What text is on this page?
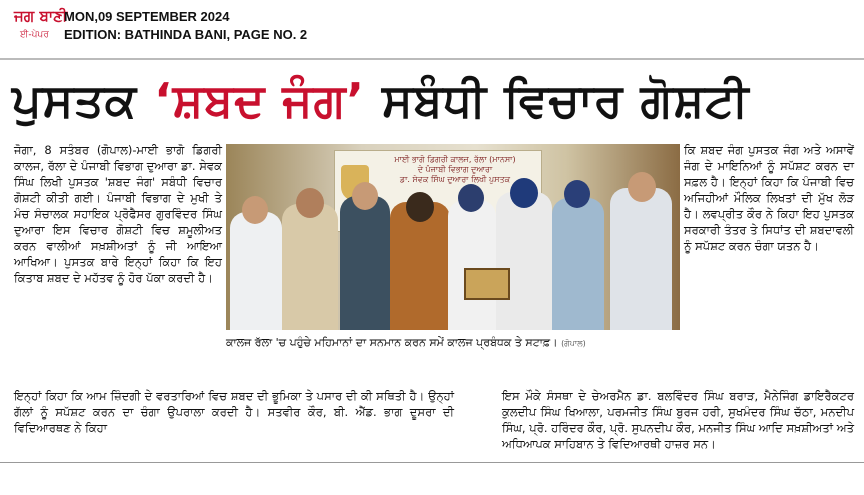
ਜਗ ਬਾਣੀ
ਈ-ਪੇਪਰ
MON,09 SEPTEMBER 2024
EDITION: BATHINDA BANI, PAGE NO. 2
ਪੁਸਤਕ ‘ਸ਼ਬਦ ਜੰਗ’ ਸਬੰਧੀ ਵਿਚਾਰ ਗੋਸ਼ਟੀ
ਜੋਗਾ, 8 ਸਤੰਬਰ (ਗੋਪਾਲ)-ਮਾਈ ਭਾਗੋ ਡਿਗਰੀ ਕਾਲਜ, ਰੱਲਾ ਦੇ ਪੰਜਾਬੀ ਵਿਭਾਗ ਦੁਆਰਾ ਡਾ. ਸੇਵਕ ਸਿੰਘ ਲਿਖੀ ਪੁਸਤਕ 'ਸ਼ਬਦ ਜੰਗ' ਸਬੰਧੀ ਵਿਚਾਰ ਗੋਸ਼ਟੀ ਕੀਤੀ ਗਈ। ਪੰਜਾਬੀ ਵਿਭਾਗ ਦੇ ਮੁਖੀ ਤੇ ਮੰਚ ਸੰਚਾਲਕ ਸਹਾਇਕ ਪ੍ਰੋਫੈਸਰ ਗੁਰਵਿੰਦਰ ਸਿੰਘ ਦੁਆਰਾ ਇਸ ਵਿਚਾਰ ਗੋਸ਼ਟੀ ਵਿਚ ਸ਼ਮੂਲੀਅਤ ਕਰਨ ਵਾਲੀਆਂ ਸਖ਼ਸ਼ੀਅਤਾਂ ਨੂੰ ਜੀ ਆਇਆ ਆਖਿਆ। ਪੁਸਤਕ ਬਾਰੇ ਇਨ੍ਹਾਂ ਕਿਹਾ ਕਿ ਇਹ ਕਿਤਾਬ ਸ਼ਬਦ ਦੇ ਮਹੱਤਵ ਨੂੰ ਹੋਰ ਪੱਕਾ ਕਰਦੀ ਹੈ।
ਮਾਈ ਭਾਗੋ ਡਿਗਰੀ ਕਾਲਜ, ਰੱਲਾ (ਮਾਨਸਾ)
ਦੇ ਪੰਜਾਬੀ ਵਿਭਾਗ ਦੁਆਰਾ
ਡਾ. ਸੇਵਕ ਸਿੰਘ ਦੁਆਰਾ ਲਿਖੀ ਪੁਸਤਕ
ਕਾਲਜ ਰੱਲਾ 'ਚ ਪਹੁੰਚੇ ਮਹਿਮਾਨਾਂ ਦਾ ਸਨਮਾਨ ਕਰਨ ਸਮੇਂ ਕਾਲਜ ਪ੍ਰਬੰਧਕ ਤੇ ਸਟਾਫ਼। (ਗੋਪਾਲ)
ਕਿ ਸ਼ਬਦ ਜੰਗ ਪੁਸਤਕ ਜੰਗ ਅਤੇ ਅਸਾਵੇਂ ਜੰਗ ਦੇ ਮਾਇਨਿਆਂ ਨੂੰ ਸਪੱਸ਼ਟ ਕਰਨ ਦਾ ਸਫ਼ਲ ਹੈ। ਇਨ੍ਹਾਂ ਕਿਹਾ ਕਿ ਪੰਜਾਬੀ ਵਿਚ ਅਜਿਹੀਆਂ ਮੌਲਿਕ ਲਿਖਤਾਂ ਦੀ ਮੁੱਖ ਲੋੜ ਹੈ। ਲਵਪ੍ਰੀਤ ਕੌਰ ਨੇ ਕਿਹਾ ਇਹ ਪੁਸਤਕ ਸਰਕਾਰੀ ਤੰਤਰ ਤੇ ਸਿਧਾਂਤ ਦੀ ਸ਼ਬਦਾਵਲੀ ਨੂੰ ਸਪੱਸ਼ਟ ਕਰਨ ਚੰਗਾ ਯਤਨ ਹੈ।
ਇਨ੍ਹਾਂ ਕਿਹਾ ਕਿ ਆਮ ਜ਼ਿੰਦਗੀ ਦੇ ਵਰਤਾਰਿਆਂ ਵਿਚ ਸ਼ਬਦ ਦੀ ਭੂਮਿਕਾ ਤੇ ਪਸਾਰ ਦੀ ਕੀ ਸਥਿਤੀ ਹੈ। ਉਨ੍ਹਾਂ ਗੱਲਾਂ ਨੂੰ ਸਪੱਸ਼ਟ ਕਰਨ ਦਾ ਚੰਗਾ ਉਪਰਾਲਾ ਕਰਦੀ ਹੈ। ਸਤਵੀਰ ਕੌਰ, ਬੀ. ਐੱਡ. ਭਾਗ ਦੂਸਰਾ ਦੀ ਵਿਦਿਆਰਥਣ ਨੇ ਕਿਹਾ
ਇਸ ਮੌਕੇ ਸੰਸਥਾ ਦੇ ਚੇਅਰਮੈਨ ਡਾ. ਬਲਵਿੰਦਰ ਸਿੰਘ ਬਰਾੜ, ਮੈਨੇਜਿੰਗ ਡਾਇਰੈਕਟਰ ਕੁਲਦੀਪ ਸਿੰਘ ਖਿਆਲਾ, ਪਰਮਜੀਤ ਸਿੰਘ ਬੁਰਜ ਹਰੀ, ਸੁਖਮੰਦਰ ਸਿੰਘ ਚੱਠਾ, ਮਨਦੀਪ ਸਿੰਘ, ਪ੍ਰੋ. ਹਰਿੰਦਰ ਕੌਰ, ਪ੍ਰੋ. ਸੁਪਨਦੀਪ ਕੌਰ, ਮਨਜੀਤ ਸਿੰਘ ਆਦਿ ਸਖ਼ਸ਼ੀਅਤਾਂ ਅਤੇ ਅਧਿਆਪਕ ਸਾਹਿਬਾਨ ਤੇ ਵਿਦਿਆਰਥੀ ਹਾਜ਼ਰ ਸਨ।
